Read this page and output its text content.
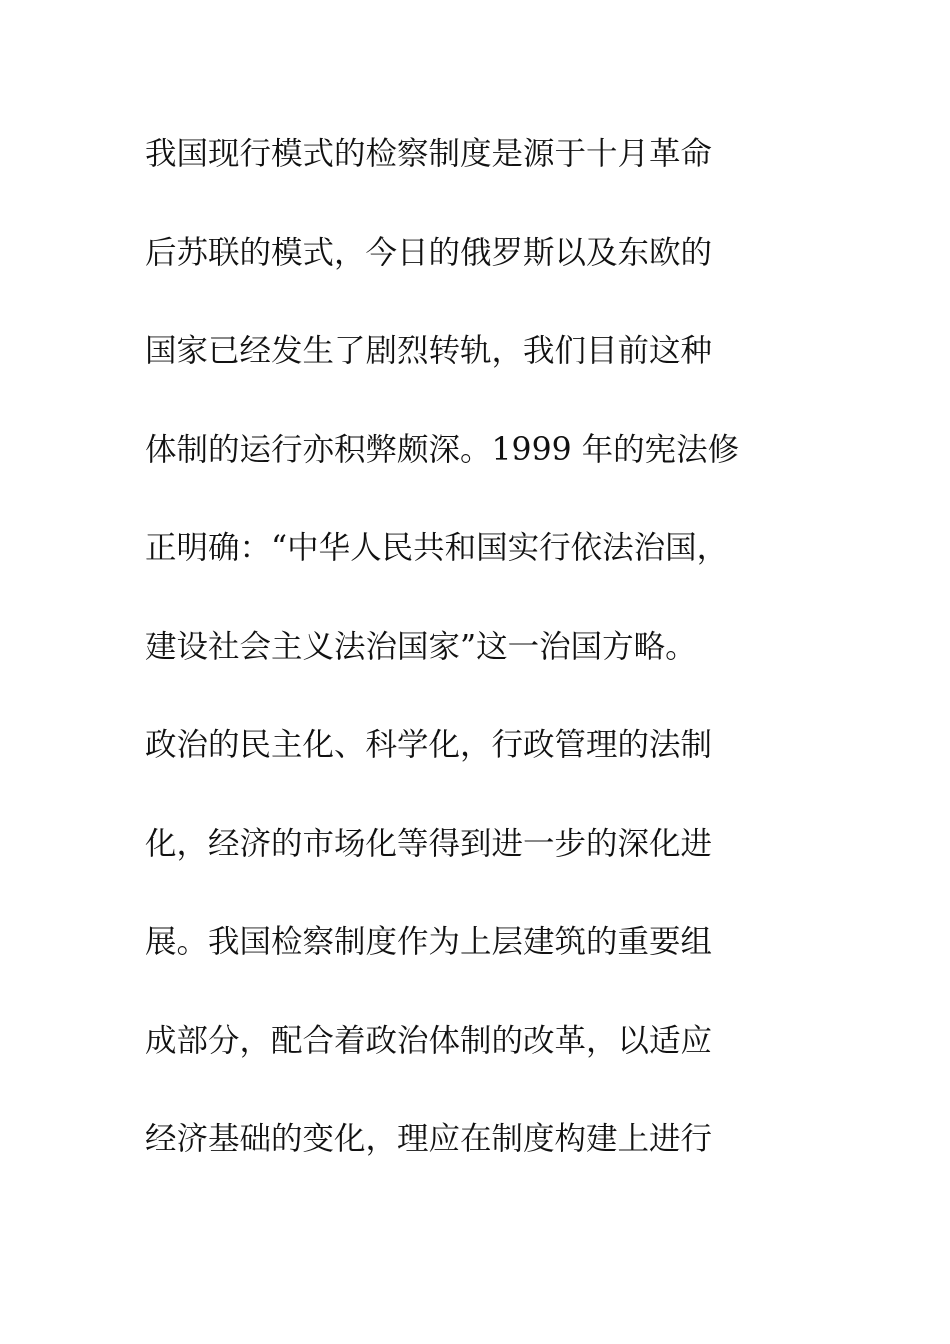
我国现行模式的检察制度是源于十月革命
后苏联的模式，今日的俄罗斯以及东欧的
国家已经发生了剧烈转轨，我们目前这种
体制的运行亦积弊颇深。1999 年的宪法修
正明确：“中华人民共和国实行依法治国，
建设社会主义法治国家”这一治国方略。
政治的民主化、科学化，行政管理的法制
化，经济的市场化等得到进一步的深化进
展。我国检察制度作为上层建筑的重要组
成部分，配合着政治体制的改革，以适应
经济基础的变化，理应在制度构建上进行
